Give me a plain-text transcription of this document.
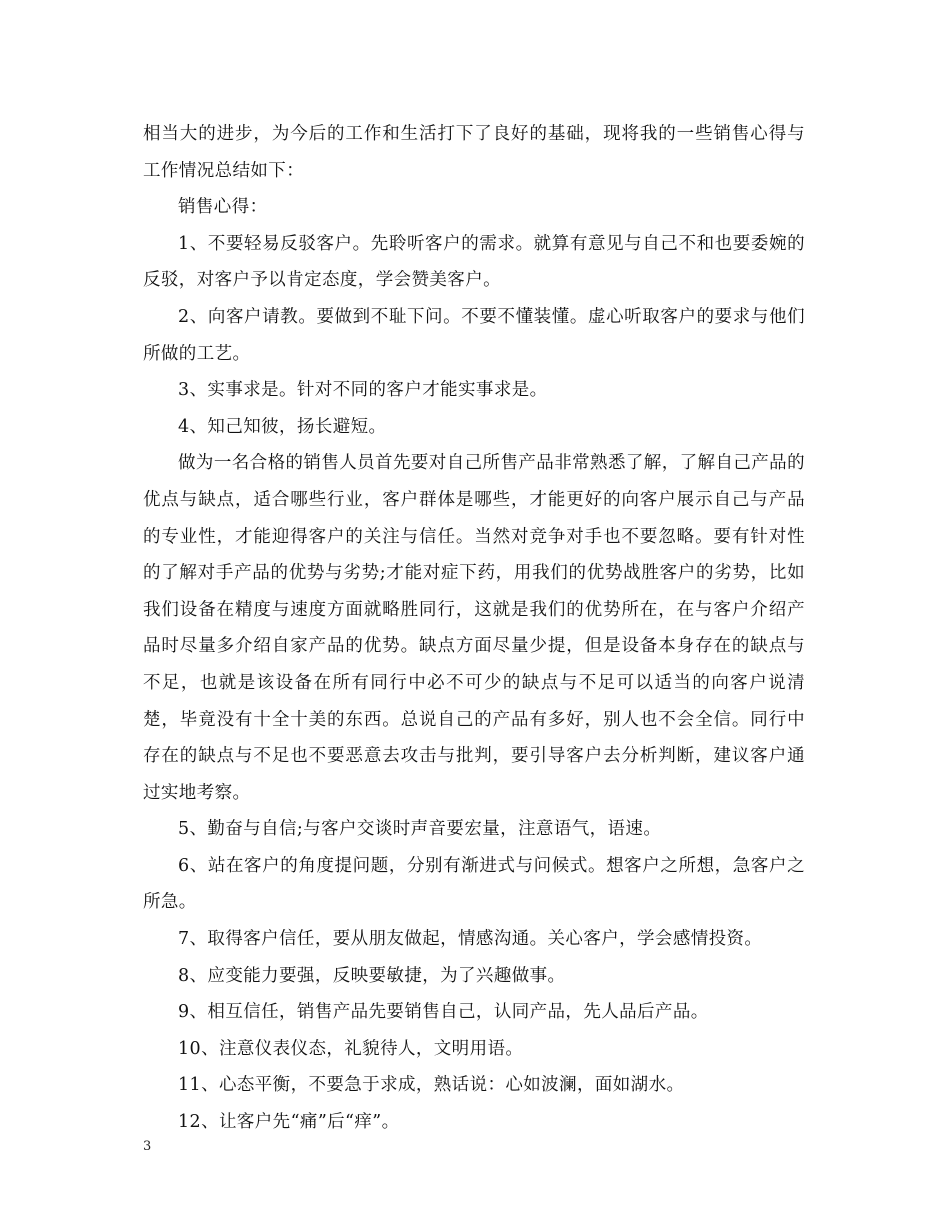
相当大的进步，为今后的工作和生活打下了良好的基础，现将我的一些销售心得与工作情况总结如下：

销售心得：

1、不要轻易反驳客户。先聆听客户的需求。就算有意见与自己不和也要委婉的反驳，对客户予以肯定态度，学会赞美客户。

2、向客户请教。要做到不耻下问。不要不懂装懂。虚心听取客户的要求与他们所做的工艺。

3、实事求是。针对不同的客户才能实事求是。

4、知己知彼，扬长避短。

做为一名合格的销售人员首先要对自己所售产品非常熟悉了解，了解自己产品的优点与缺点，适合哪些行业，客户群体是哪些，才能更好的向客户展示自己与产品的专业性，才能迎得客户的关注与信任。当然对竞争对手也不要忽略。要有针对性的了解对手产品的优势与劣势;才能对症下药，用我们的优势战胜客户的劣势，比如我们设备在精度与速度方面就略胜同行，这就是我们的优势所在，在与客户介绍产品时尽量多介绍自家产品的优势。缺点方面尽量少提，但是设备本身存在的缺点与不足，也就是该设备在所有同行中必不可少的缺点与不足可以适当的向客户说清楚，毕竟没有十全十美的东西。总说自己的产品有多好，别人也不会全信。同行中存在的缺点与不足也不要恶意去攻击与批判，要引导客户去分析判断，建议客户通过实地考察。

5、勤奋与自信;与客户交谈时声音要宏量，注意语气，语速。

6、站在客户的角度提问题，分别有渐进式与问候式。想客户之所想，急客户之所急。

7、取得客户信任，要从朋友做起，情感沟通。关心客户，学会感情投资。

8、应变能力要强，反映要敏捷，为了兴趣做事。

9、相互信任，销售产品先要销售自己，认同产品，先人品后产品。

10、注意仪表仪态，礼貌待人，文明用语。

11、心态平衡，不要急于求成，熟话说：心如波澜，面如湖水。

12、让客户先“痛”后“痒”。

3
